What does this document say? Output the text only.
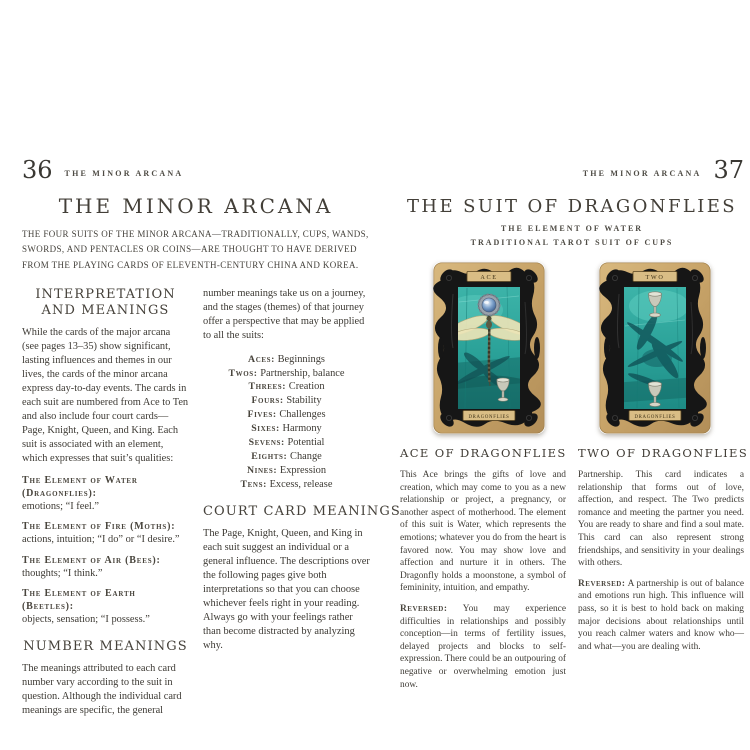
36 THE MINOR ARCANA
THE MINOR ARCANA
THE FOUR SUITS OF THE MINOR ARCANA—TRADITIONALLY, CUPS, WANDS, SWORDS, AND PENTACLES OR COINS—ARE THOUGHT TO HAVE DERIVED FROM THE PLAYING CARDS OF ELEVENTH-CENTURY CHINA AND KOREA.
INTERPRETATION AND MEANINGS

While the cards of the major arcana (see pages 13–35) show significant, lasting influences and themes in our lives, the cards of the minor arcana express day-to-day events. The cards in each suit are numbered from Ace to Ten and also include four court cards—Page, Knight, Queen, and King. Each suit is associated with an element, which expresses that suit’s qualities:

The Element of Water (Dragonflies):
emotions; “I feel.”
The Element of Fire (Moths):
actions, intuition; “I do” or “I desire.”
The Element of Air (Bees):
thoughts; “I think.”
The Element of Earth (Beetles):
objects, sensation; “I possess.”
NUMBER MEANINGS

The meanings attributed to each card number vary according to the suit in question. Although the individual card meanings are specific, the general

number meanings take us on a journey, and the stages (themes) of that journey offer a perspective that may be applied to all the suits:

Aces: Beginnings
Twos: Partnership, balance
Threes: Creation
Fours: Stability
Fives: Challenges
Sixes: Harmony
Sevens: Potential
Eights: Change
Nines: Expression
Tens: Excess, release
COURT CARD MEANINGS

The Page, Knight, Queen, and King in each suit suggest an individual or a general influence. The descriptions over the following pages give both interpretations so that you can choose whichever feels right in your reading. Always go with your feelings rather than become distracted by analyzing why.

THE MINOR ARCANA 37
THE SUIT OF DRAGONFLIES
THE ELEMENT OF WATER
TRADITIONAL TAROT SUIT OF CUPS
ACE
DRAGONFLIES
TWO
DRAGONFLIES
ACE OF DRAGONFLIES

This Ace brings the gifts of love and creation, which may come to you as a new relationship or project, a pregnancy, or another aspect of motherhood. The element of this suit is Water, which represents the emotions; whatever you do from the heart is favored now. You may show love and affection and nurture it in others. The Dragonfly holds a moonstone, a symbol of femininity, intuition, and empathy.

Reversed: You may experience difficulties in relationships and possibly conception—in terms of fertility issues, delayed projects and blocks to self-expression. There could be an outpouring of negative or overwhelming emotion just now.

TWO OF DRAGONFLIES

Partnership. This card indicates a relationship that forms out of love, affection, and respect. The Two predicts romance and meeting the partner you need. You are ready to share and find a soul mate. This card can also represent strong friendships, and sensitivity in your dealings with others.

Reversed: A partnership is out of balance and emotions run high. This influence will pass, so it is best to hold back on making major decisions about relationships until you reach calmer waters and know who—and what—you are dealing with.
